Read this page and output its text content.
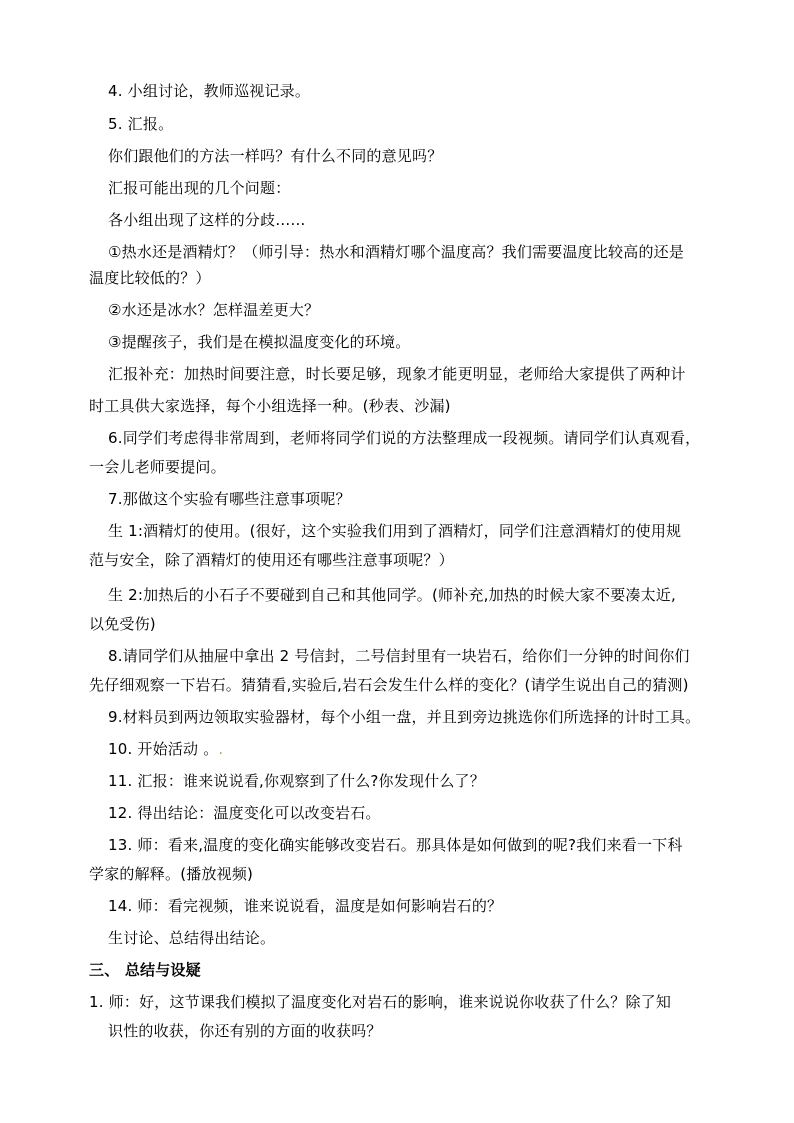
4. 小组讨论，教师巡视记录。
5. 汇报。
你们跟他们的方法一样吗？有什么不同的意见吗？
汇报可能出现的几个问题：
各小组出现了这样的分歧……
①热水还是酒精灯？（师引导：热水和酒精灯哪个温度高？我们需要温度比较高的还是
温度比较低的？）
②水还是冰水？怎样温差更大？
③提醒孩子，我们是在模拟温度变化的环境。
汇报补充：加热时间要注意，时长要足够，现象才能更明显，老师给大家提供了两种计
时工具供大家选择，每个小组选择一种。(秒表、沙漏)
6.同学们考虑得非常周到，老师将同学们说的方法整理成一段视频。请同学们认真观看，
一会儿老师要提问。
7.那做这个实验有哪些注意事项呢？
生 1:酒精灯的使用。(很好，这个实验我们用到了酒精灯，同学们注意酒精灯的使用规
范与安全，除了酒精灯的使用还有哪些注意事项呢？）
生 2:加热后的小石子不要碰到自己和其他同学。(师补充,加热的时候大家不要凑太近,
以免受伤)
8.请同学们从抽屉中拿出 2 号信封，二号信封里有一块岩石，给你们一分钟的时间你们
先仔细观察一下岩石。猜猜看,实验后,岩石会发生什么样的变化？(请学生说出自己的猜测)
9.材料员到两边领取实验器材，每个小组一盘，并且到旁边挑选你们所选择的计时工具。
10. 开始活动 。.
11. 汇报：谁来说说看,你观察到了什么?你发现什么了？
12. 得出结论：温度变化可以改变岩石。
13. 师：看来,温度的变化确实能够改变岩石。那具体是如何做到的呢?我们来看一下科
学家的解释。(播放视频)
14. 师：看完视频，谁来说说看，温度是如何影响岩石的？
生讨论、总结得出结论。
三、 总结与设疑
1. 师：好，这节课我们模拟了温度变化对岩石的影响，谁来说说你收获了什么？除了知
识性的收获，你还有别的方面的收获吗？
